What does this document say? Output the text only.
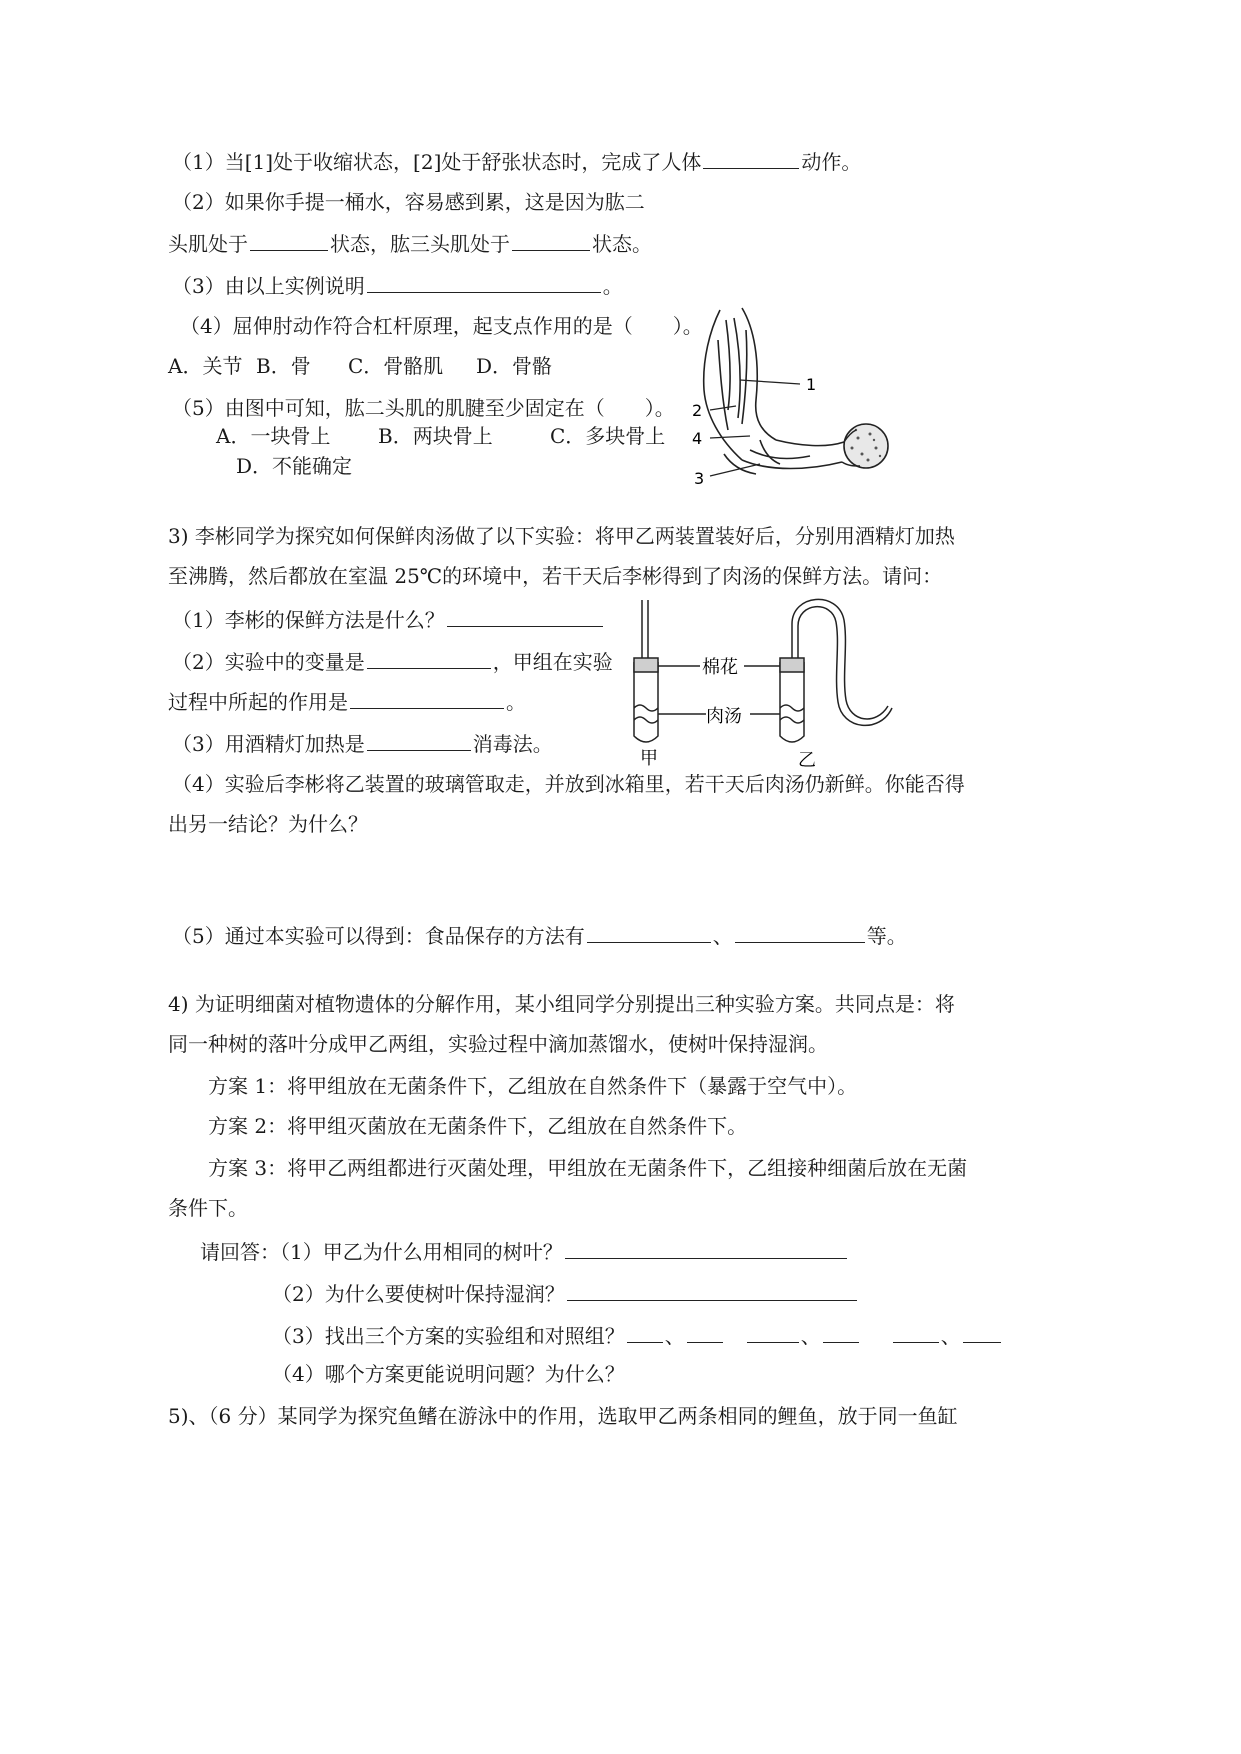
（1）当[1]处于收缩状态，[2]处于舒张状态时，完成了人体	动作。
（2）如果你手提一桶水，容易感到累，这是因为肱二
头肌处于	状态，肱三头肌处于	状态。
（3）由以上实例说明	。
（4）屈伸肘动作符合杠杆原理，起支点作用的是（　　）。
A．关节 B．骨 C．骨骼肌 D．骨骼
（5）由图中可知，肱二头肌的肌腱至少固定在（　　）。
A．一块骨上 B．两块骨上	C．多块骨上
D．不能确定
1
2
4
3
3) 李彬同学为探究如何保鲜肉汤做了以下实验：将甲乙两装置装好后，分别用酒精灯加热
至沸腾，然后都放在室温 25℃的环境中，若干天后李彬得到了肉汤的保鲜方法。请问：
（1）李彬的保鲜方法是什么？
（2）实验中的变量是	，甲组在实验
过程中所起的作用是	。
（3）用酒精灯加热是	消毒法。
（4）实验后李彬将乙装置的玻璃管取走，并放到冰箱里，若干天后肉汤仍新鲜。你能否得
出另一结论？为什么？
（5）通过本实验可以得到：食品保存的方法有	、	等。
棉花
肉汤
甲	乙
4) 为证明细菌对植物遗体的分解作用，某小组同学分别提出三种实验方案。共同点是：将
同一种树的落叶分成甲乙两组，实验过程中滴加蒸馏水，使树叶保持湿润。
方案 1：将甲组放在无菌条件下，乙组放在自然条件下（暴露于空气中）。
方案 2：将甲组灭菌放在无菌条件下，乙组放在自然条件下。
方案 3：将甲乙两组都进行灭菌处理，甲组放在无菌条件下，乙组接种细菌后放在无菌
条件下。
请回答：（1）甲乙为什么用相同的树叶？
（2）为什么要使树叶保持湿润？
（3）找出三个方案的实验组和对照组？ 、	、	、
（4）哪个方案更能说明问题？为什么？
5)、（6 分）某同学为探究鱼鳍在游泳中的作用，选取甲乙两条相同的鲤鱼，放于同一鱼缸
